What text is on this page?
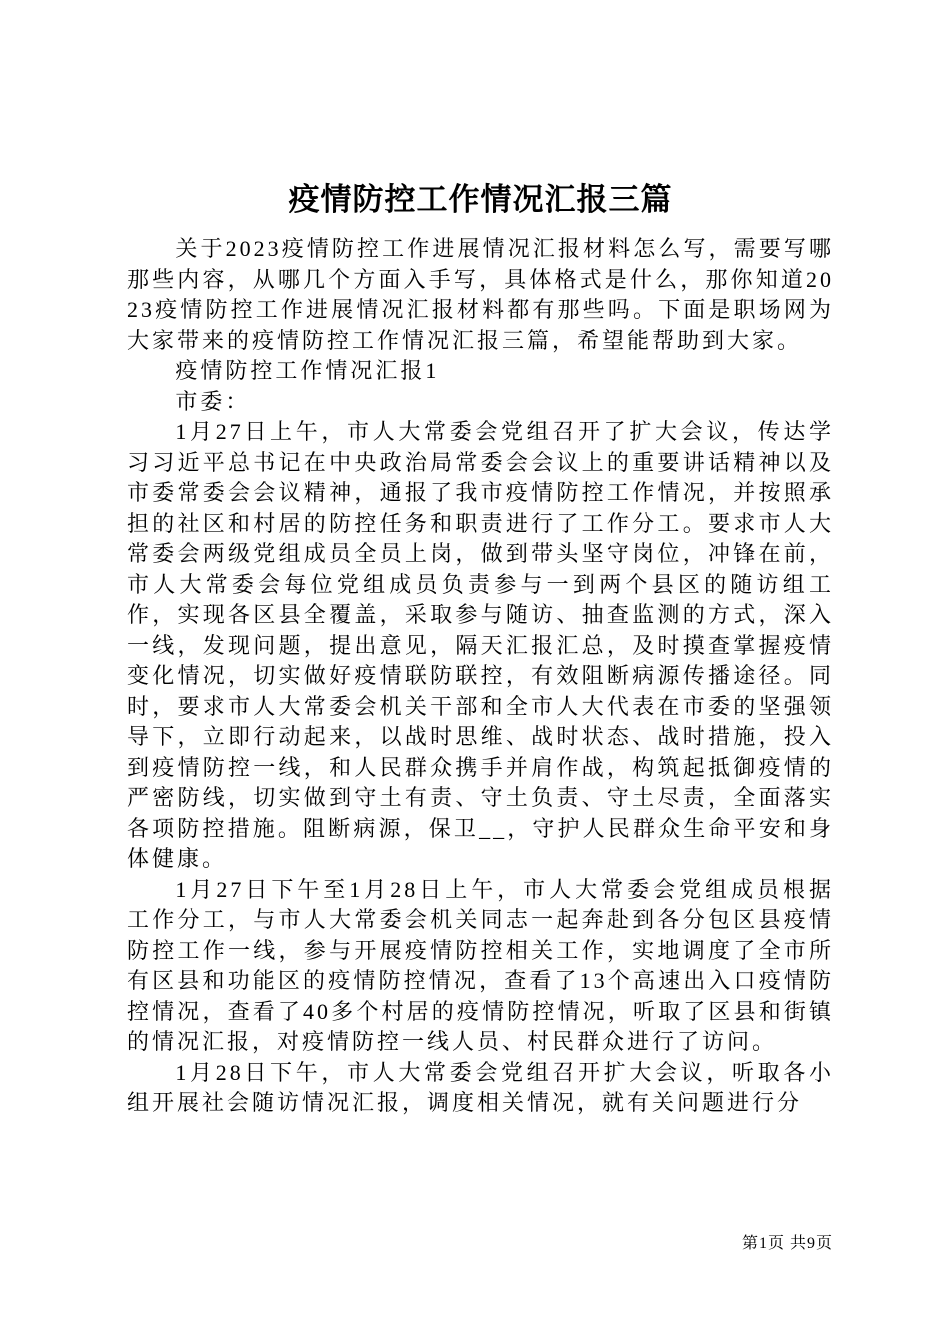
疫情防控工作情况汇报三篇

关于2023疫情防控工作进展情况汇报材料怎么写，需要写哪那些内容，从哪几个方面入手写，具体格式是什么，那你知道2023疫情防控工作进展情况汇报材料都有那些吗。下面是职场网为大家带来的疫情防控工作情况汇报三篇，希望能帮助到大家。

疫情防控工作情况汇报1

市委：

1月27日上午，市人大常委会党组召开了扩大会议，传达学习习近平总书记在中央政治局常委会会议上的重要讲话精神以及市委常委会会议精神，通报了我市疫情防控工作情况，并按照承担的社区和村居的防控任务和职责进行了工作分工。要求市人大常委会两级党组成员全员上岗，做到带头坚守岗位，冲锋在前，市人大常委会每位党组成员负责参与一到两个县区的随访组工作，实现各区县全覆盖，采取参与随访、抽查监测的方式，深入一线，发现问题，提出意见，隔天汇报汇总，及时摸查掌握疫情变化情况，切实做好疫情联防联控，有效阻断病源传播途径。同时，要求市人大常委会机关干部和全市人大代表在市委的坚强领导下，立即行动起来，以战时思维、战时状态、战时措施，投入到疫情防控一线，和人民群众携手并肩作战，构筑起抵御疫情的严密防线，切实做到守土有责、守土负责、守土尽责，全面落实各项防控措施。阻断病源，保卫__，守护人民群众生命平安和身体健康。

1月27日下午至1月28日上午，市人大常委会党组成员根据工作分工，与市人大常委会机关同志一起奔赴到各分包区县疫情防控工作一线，参与开展疫情防控相关工作，实地调度了全市所有区县和功能区的疫情防控情况，查看了13个高速出入口疫情防控情况，查看了40多个村居的疫情防控情况，听取了区县和街镇的情况汇报，对疫情防控一线人员、村民群众进行了访问。

1月28日下午，市人大常委会党组召开扩大会议，听取各小组开展社会随访情况汇报，调度相关情况，就有关问题进行分

第1页 共9页
